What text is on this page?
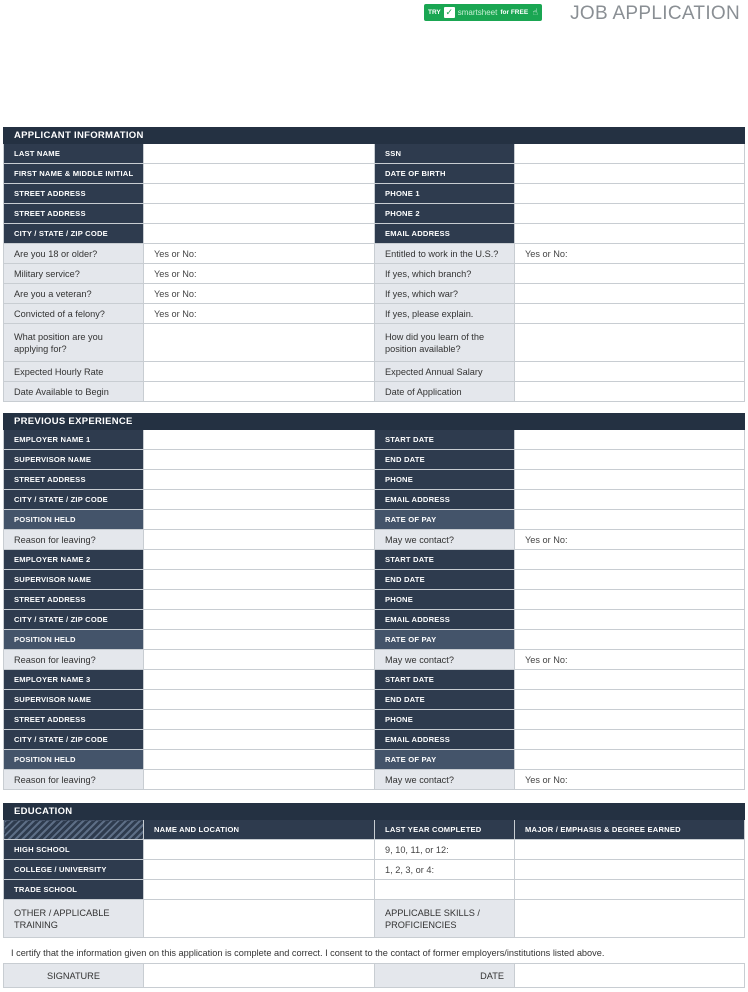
TRY ✓ smartsheet for FREE ☝ JOB APPLICATION
APPLICANT INFORMATION			
LAST NAME		SSN	
FIRST NAME & MIDDLE INITIAL		DATE OF BIRTH	
STREET ADDRESS		PHONE 1	
STREET ADDRESS		PHONE 2	
CITY / STATE / ZIP CODE		EMAIL ADDRESS	
Are you 18 or older?	Yes or No:	Entitled to work in the U.S.?	Yes or No:
Military service?	Yes or No:	If yes, which branch?	
Are you a veteran?	Yes or No:	If yes, which war?	
Convicted of a felony?	Yes or No:	If yes, please explain.	
What position are you applying for?		How did you learn of the position available?	
Expected Hourly Rate		Expected Annual Salary	
Date Available to Begin		Date of Application	
PREVIOUS EXPERIENCE			
EMPLOYER NAME 1		START DATE	
SUPERVISOR NAME		END DATE	
STREET ADDRESS		PHONE	
CITY / STATE / ZIP CODE		EMAIL ADDRESS	
POSITION HELD		RATE OF PAY	
Reason for leaving?		May we contact?	Yes or No:
EMPLOYER NAME 2		START DATE	
SUPERVISOR NAME		END DATE	
STREET ADDRESS		PHONE	
CITY / STATE / ZIP CODE		EMAIL ADDRESS	
POSITION HELD		RATE OF PAY	
Reason for leaving?		May we contact?	Yes or No:
EMPLOYER NAME 3		START DATE	
SUPERVISOR NAME		END DATE	
STREET ADDRESS		PHONE	
CITY / STATE / ZIP CODE		EMAIL ADDRESS	
POSITION HELD		RATE OF PAY	
Reason for leaving?		May we contact?	Yes or No:
EDUCATION			
	NAME AND LOCATION	LAST YEAR COMPLETED	MAJOR / EMPHASIS & DEGREE EARNED
HIGH SCHOOL		9, 10, 11, or 12:	
COLLEGE / UNIVERSITY		1, 2, 3, or 4:	
TRADE SCHOOL			
OTHER / APPLICABLE TRAINING		APPLICABLE SKILLS / PROFICIENCIES	
I certify that the information given on this application is complete and correct. I consent to the contact of former employers/institutions listed above.
SIGNATURE		DATE	
